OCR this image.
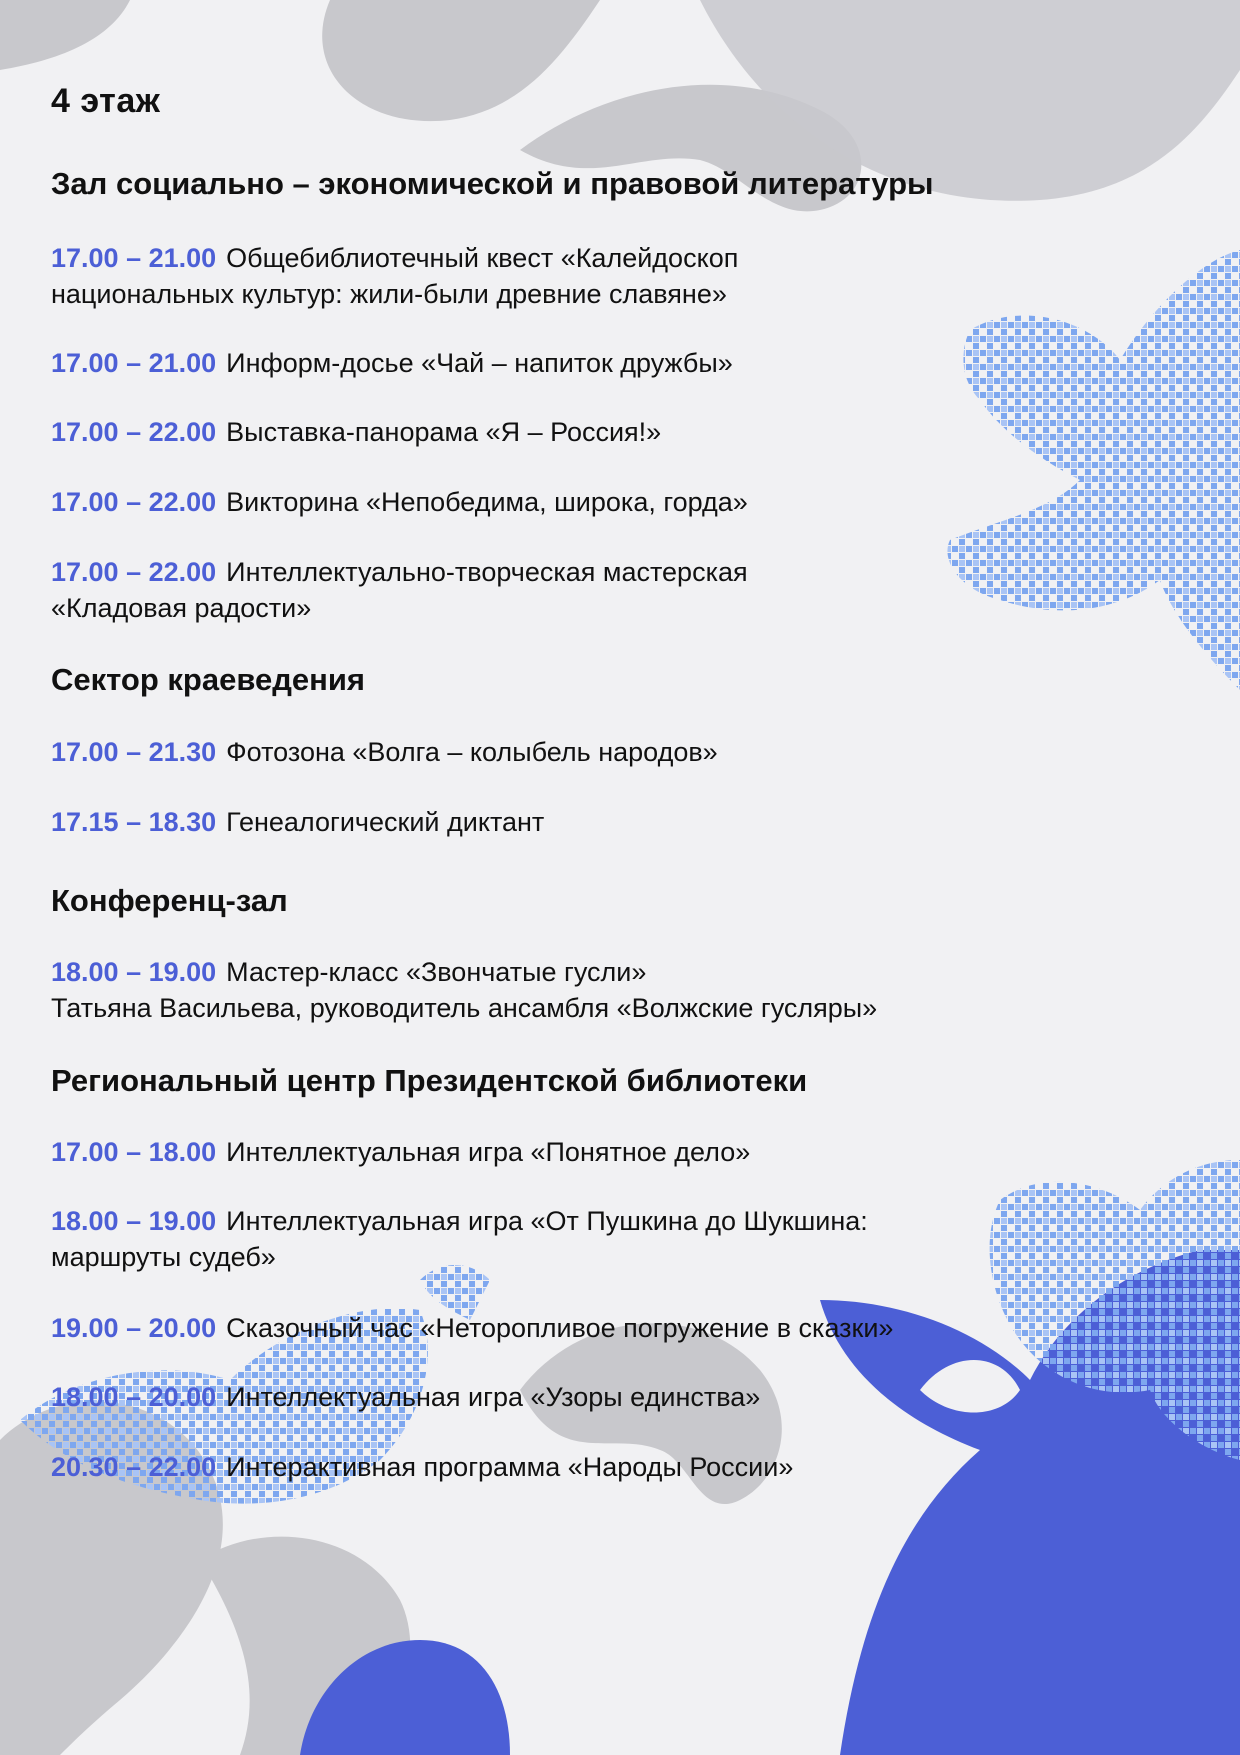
4 этаж
Зал социально – экономической и правовой литературы

17.00 – 21.00 Общебиблиотечный квест «Калейдоскоп
национальных культур: жили-были древние славяне»

17.00 – 21.00 Информ-досье «Чай – напиток дружбы»

17.00 – 22.00 Выставка-панорама «Я – Россия!»

17.00 – 22.00 Викторина «Непобедима, широка, горда»

17.00 – 22.00 Интеллектуально-творческая мастерская
«Кладовая радости»

Сектор краеведения

17.00 – 21.30 Фотозона «Волга – колыбель народов»

17.15 – 18.30 Генеалогический диктант

Конференц-зал

18.00 – 19.00 Мастер-класс «Звончатые гусли»
Татьяна Васильева, руководитель ансамбля «Волжские гусляры»

Региональный центр Президентской библиотеки

17.00 – 18.00 Интеллектуальная игра «Понятное дело»

18.00 – 19.00 Интеллектуальная игра «От Пушкина до Шукшина:
маршруты судеб»

19.00 – 20.00 Сказочный час «Неторопливое погружение в сказки»

18.00 – 20.00 Интеллектуальная игра «Узоры единства»

20.30 – 22.00 Интерактивная программа «Народы России»
